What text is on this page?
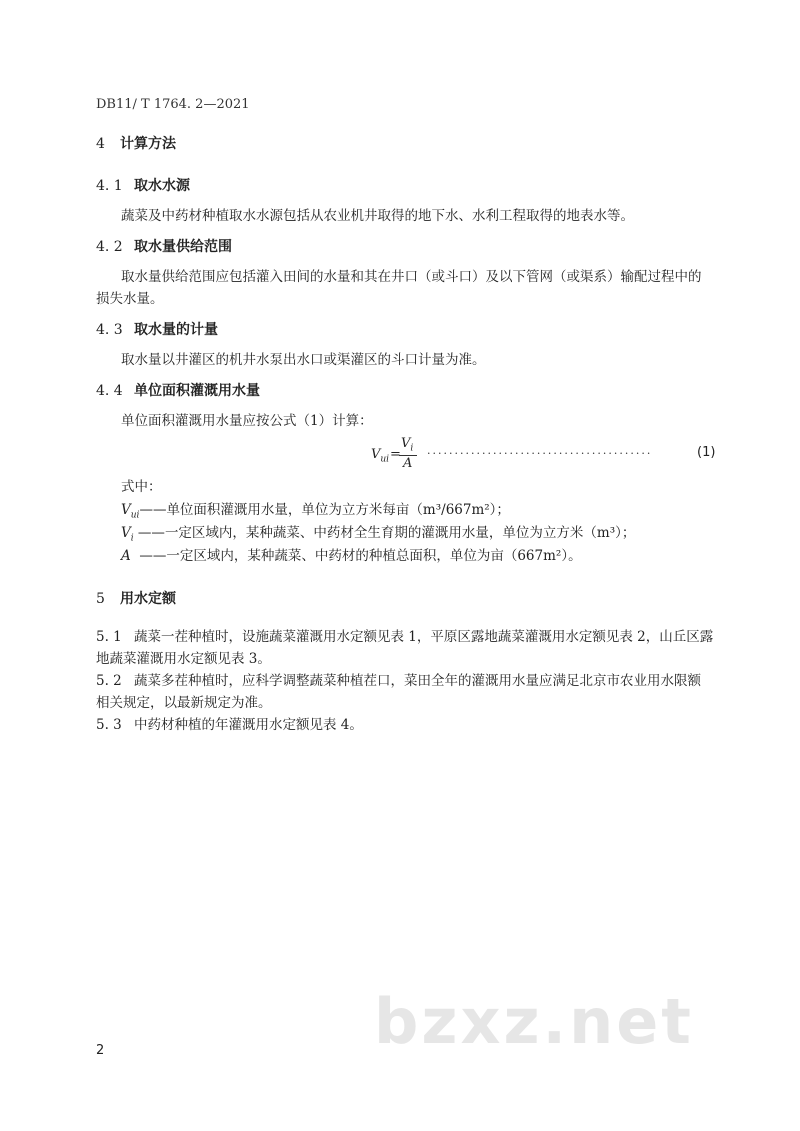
DB11/ T 1764. 2—2021
4 计算方法
4. 1 取水水源
蔬菜及中药材种植取水水源包括从农业机井取得的地下水、水利工程取得的地表水等。
4. 2 取水量供给范围
取水量供给范围应包括灌入田间的水量和其在井口（或斗口）及以下管网（或渠系）输配过程中的
损失水量。
4. 3 取水量的计量
取水量以井灌区的机井水泵出水口或渠灌区的斗口计量为准。
4. 4 单位面积灌溉用水量
单位面积灌溉用水量应按公式（1）计算：
$V_{ui}$ =
$V_i$
A
·········································	(1)
式中：
$V_{ui}——$单位面积灌溉用水量，单位为立方米每亩（m³/667m²）；
$V_i$ ——一定区域内，某种蔬菜、中药材全生育期的灌溉用水量，单位为立方米（m³）；
A  ——一定区域内，某种蔬菜、中药材的种植总面积，单位为亩（667m²）。
5 用水定额
5. 1 蔬菜一茬种植时，设施蔬菜灌溉用水定额见表 1，平原区露地蔬菜灌溉用水定额见表 2，山丘区露
地蔬菜灌溉用水定额见表 3。
5. 2 蔬菜多茬种植时，应科学调整蔬菜种植茬口，菜田全年的灌溉用水量应满足北京市农业用水限额
相关规定，以最新规定为准。
5. 3 中药材种植的年灌溉用水定额见表 4。
bzxz.net
2
